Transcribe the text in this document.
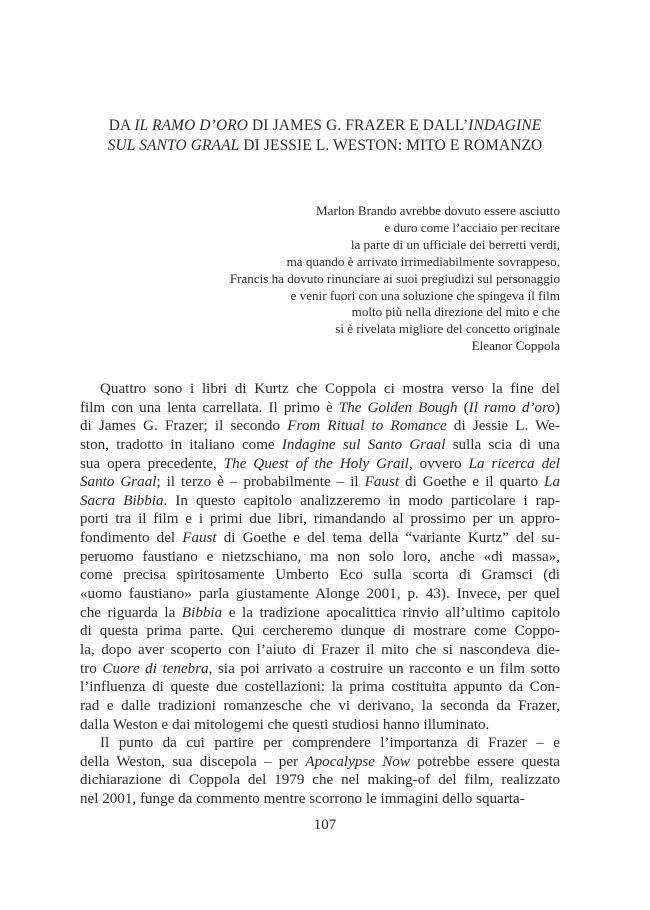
DA IL RAMO D’ORO DI JAMES G. FRAZER E DALL’INDAGINE
SUL SANTO GRAAL DI JESSIE L. WESTON: MITO E ROMANZO
Marlon Brando avrebbe dovuto essere asciutto
e duro come l’acciaio per recitare
la parte di un ufficiale dei berretti verdi,
ma quando è arrivato irrimediabilmente sovrappeso,
Francis ha dovuto rinunciare ai suoi pregiudizi sul personaggio
e venir fuori con una soluzione che spingeva il film
molto più nella direzione del mito e che
si è rivelata migliore del concetto originale
Eleanor Coppola
Quattro sono i libri di Kurtz che Coppola ci mostra verso la fine del
film con una lenta carrellata. Il primo è The Golden Bough (Il ramo d’oro)
di James G. Frazer; il secondo From Ritual to Romance di Jessie L. We-
ston, tradotto in italiano come Indagine sul Santo Graal sulla scia di una
sua opera precedente, The Quest of the Holy Grail, ovvero La ricerca del
Santo Graal; il terzo è – probabilmente – il Faust di Goethe e il quarto La
Sacra Bibbia. In questo capitolo analizzeremo in modo particolare i rap-
porti tra il film e i primi due libri, rimandando al prossimo per un appro-
fondimento del Faust di Goethe e del tema della “variante Kurtz” del su-
peruomo faustiano e nietzschiano, ma non solo loro, anche «di massa»,
come precisa spiritosamente Umberto Eco sulla scorta di Gramsci (di
«uomo faustiano» parla giustamente Alonge 2001, p. 43). Invece, per quel
che riguarda la Bibbia e la tradizione apocalittica rinvio all’ultimo capitolo
di questa prima parte. Qui cercheremo dunque di mostrare come Coppo-
la, dopo aver scoperto con l’aiuto di Frazer il mito che si nascondeva die-
tro Cuore di tenebra, sia poi arrivato a costruire un racconto e un film sotto
l’influenza di queste due costellazioni: la prima costituita appunto da Con-
rad e dalle tradizioni romanzesche che vi derivano, la seconda da Frazer,
dalla Weston e dai mitologemi che questi studiosi hanno illuminato.
Il punto da cui partire per comprendere l’importanza di Frazer – e
della Weston, sua discepola – per Apocalypse Now potrebbe essere questa
dichiarazione di Coppola del 1979 che nel making-of del film, realizzato
nel 2001, funge da commento mentre scorrono le immagini dello squarta-
107
